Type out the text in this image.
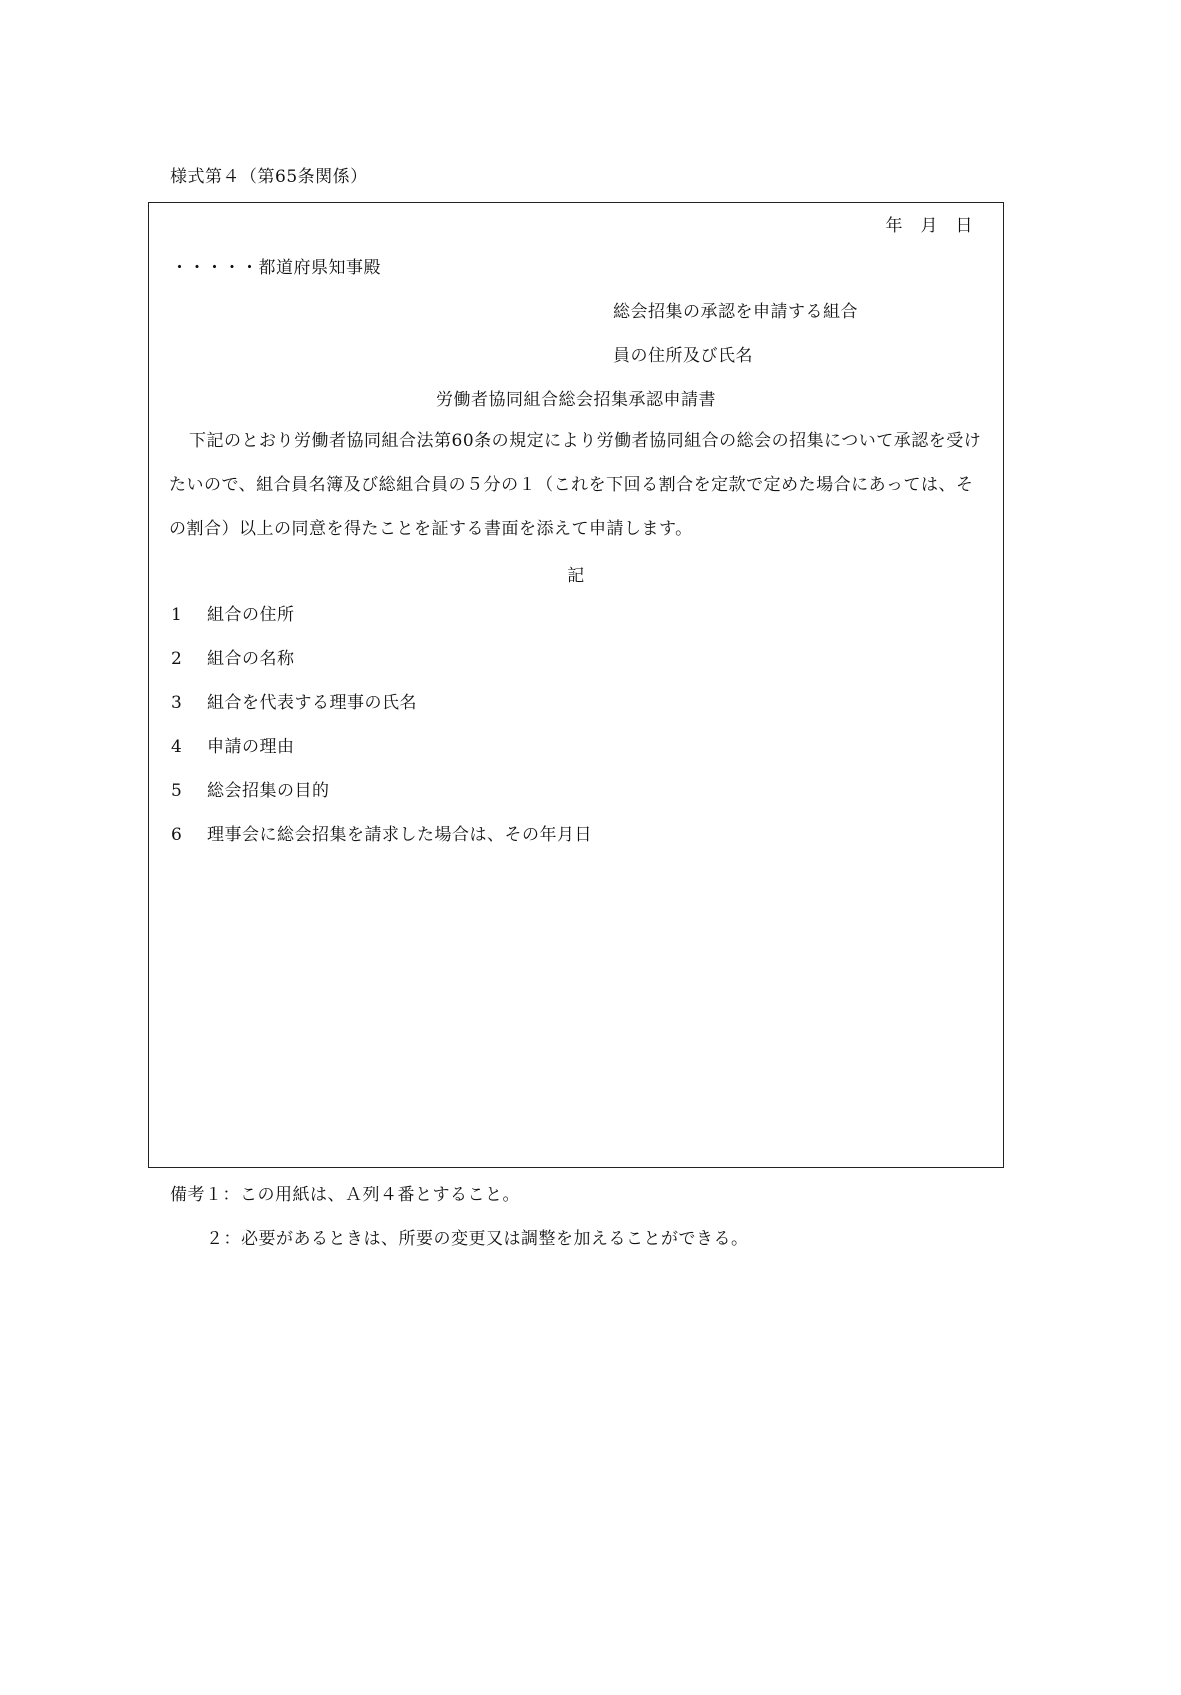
様式第４（第65条関係）
年　月　日
・・・・・都道府県知事殿
総会招集の承認を申請する組合
員の住所及び氏名
労働者協同組合総会招集承認申請書

下記のとおり労働者協同組合法第60条の規定により労働者協同組合の総会の招集について承認を受けたいので、組合員名簿及び総組合員の５分の１（これを下回る割合を定款で定めた場合にあっては、その割合）以上の同意を得たことを証する書面を添えて申請します。

記
1 組合の住所
2 組合の名称
3 組合を代表する理事の氏名
4 申請の理由
5 総会招集の目的
6 理事会に総会招集を請求した場合は、その年月日
備考１：この用紙は、Ａ列４番とすること。
２：必要があるときは、所要の変更又は調整を加えることができる。
